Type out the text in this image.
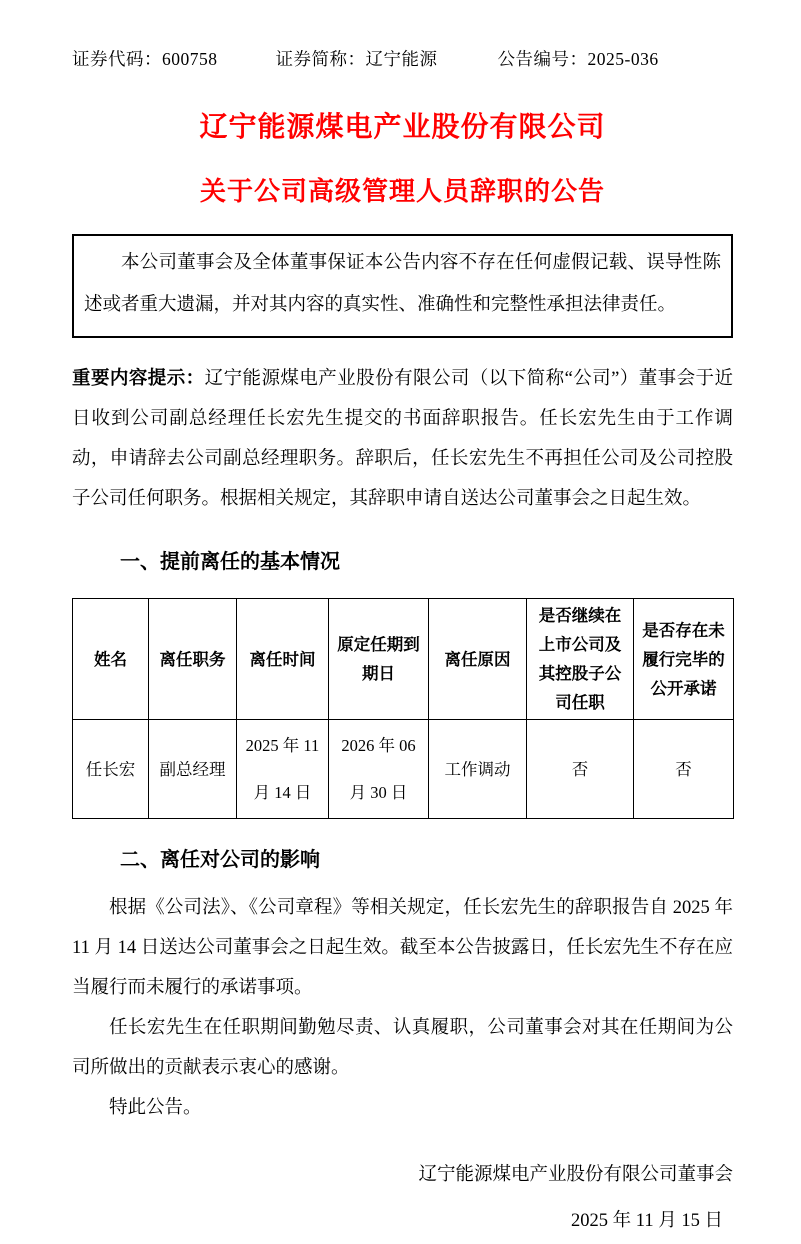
证券代码：600758	证券简称：辽宁能源	公告编号：2025-036
辽宁能源煤电产业股份有限公司
关于公司高级管理人员辞职的公告

本公司董事会及全体董事保证本公告内容不存在任何虚假记载、误导性陈述或者重大遗漏，并对其内容的真实性、准确性和完整性承担法律责任。

重要内容提示：辽宁能源煤电产业股份有限公司（以下简称“公司”）董事会于近日收到公司副总经理任长宏先生提交的书面辞职报告。任长宏先生由于工作调动，申请辞去公司副总经理职务。辞职后，任长宏先生不再担任公司及公司控股子公司任何职务。根据相关规定，其辞职申请自送达公司董事会之日起生效。

一、提前离任的基本情况
姓名	离任职务	离任时间	原定任期到期日	离任原因	是否继续在上市公司及其控股子公司任职	是否存在未履行完毕的公开承诺
任长宏	副总经理	2025 年 11 月 14 日	2026 年 06 月 30 日	工作调动	否	否
二、离任对公司的影响

根据《公司法》、《公司章程》等相关规定，任长宏先生的辞职报告自 2025 年 11 月 14 日送达公司董事会之日起生效。截至本公告披露日，任长宏先生不存在应当履行而未履行的承诺事项。

任长宏先生在任职期间勤勉尽责、认真履职，公司董事会对其在任期间为公司所做出的贡献表示衷心的感谢。

特此公告。

辽宁能源煤电产业股份有限公司董事会

2025 年 11 月 15 日
